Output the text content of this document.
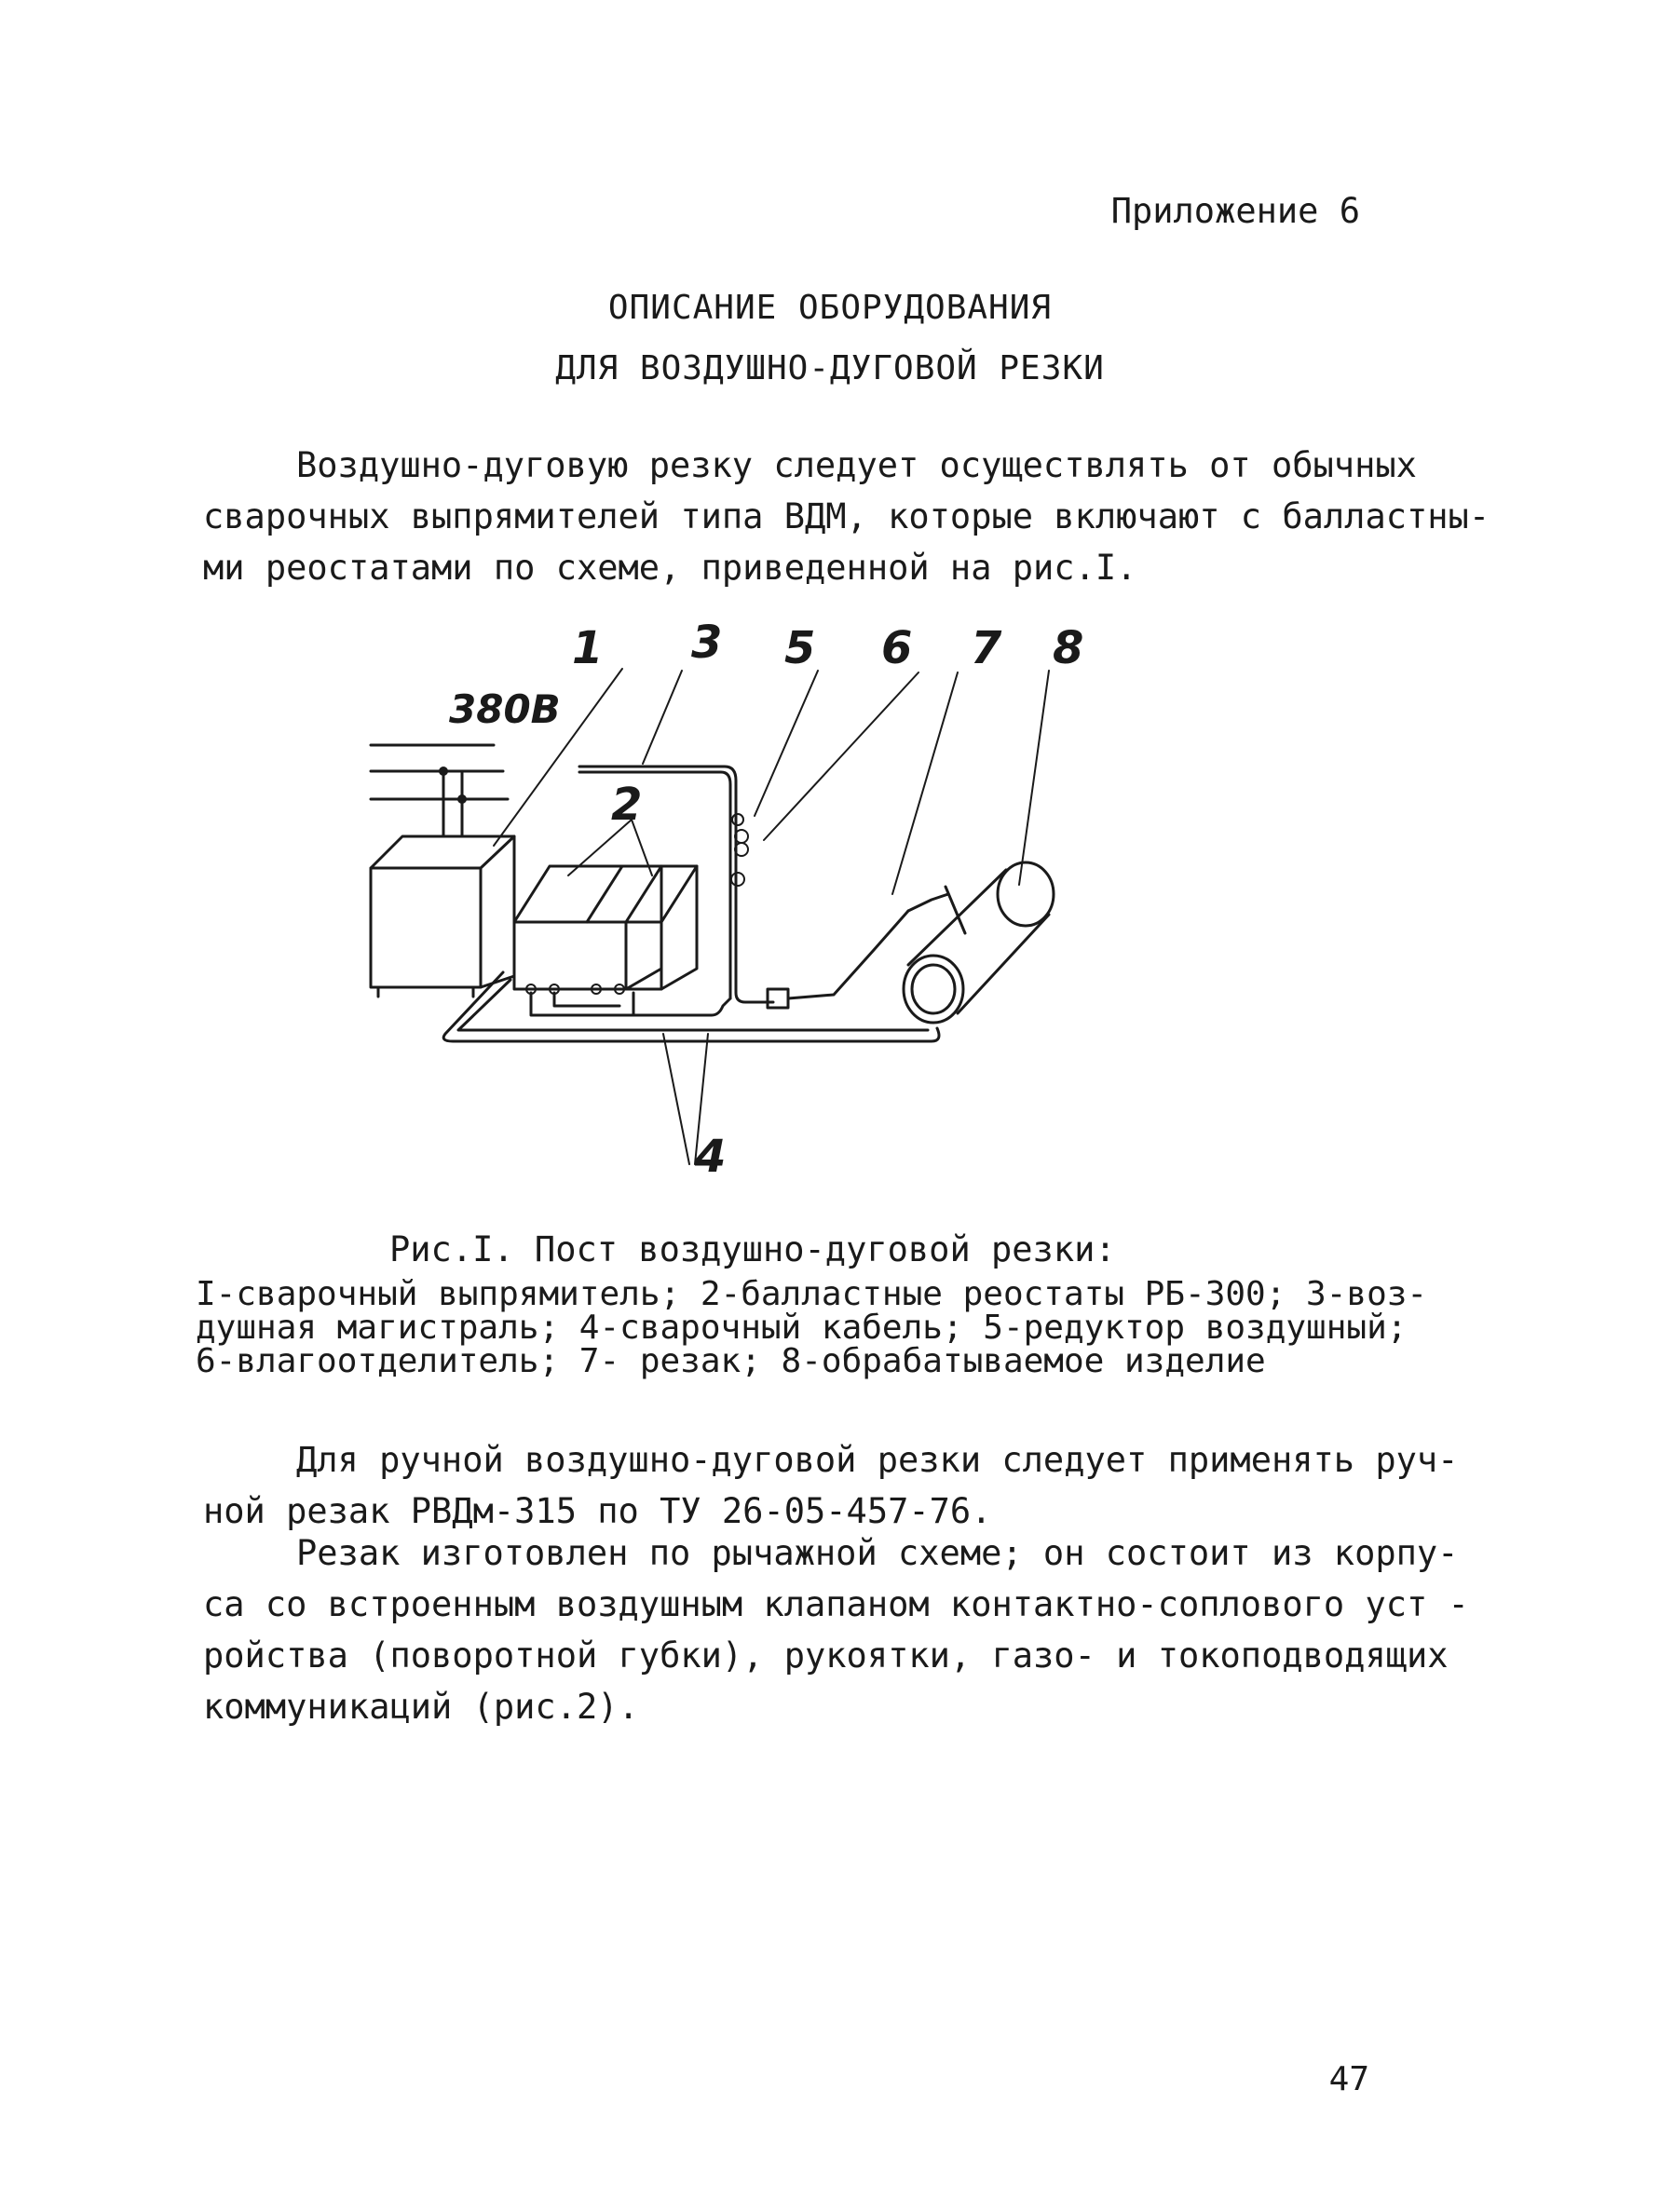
Приложение 6
ОПИСАНИЕ ОБОРУДОВАНИЯ
ДЛЯ ВОЗДУШНО-ДУГОВОЙ РЕЗКИ
Воздушно-дуговую резку следует осуществлять от обычных
сварочных выпрямителей типа ВДМ, которые включают с балластны-
ми реостатами по схеме, приведенной на рис.I.
1 3 5 6 7 8
2
4
380В
Рис.I. Пост воздушно-дуговой резки:
I-сварочный выпрямитель; 2-балластные реостаты РБ-300; 3-воз-
душная магистраль; 4-сварочный кабель; 5-редуктор воздушный;
6-влагоотделитель; 7- резак; 8-обрабатываемое изделие
Для ручной воздушно-дуговой резки следует применять руч-
ной резак РВДм-315 по ТУ 26-05-457-76.
Резак изготовлен по рычажной схеме; он состоит из корпу-
са со встроенным воздушным клапаном контактно-соплового уст -
ройства (поворотной губки), рукоятки, газо- и токоподводящих
коммуникаций (рис.2).
47
